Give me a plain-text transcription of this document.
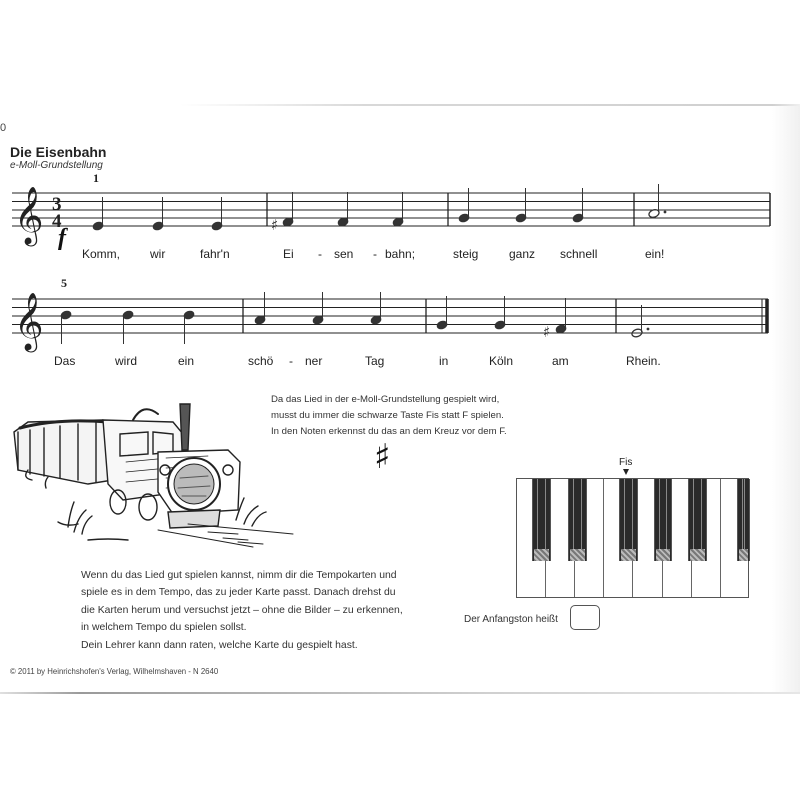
0
Die Eisenbahn
e-Moll-Grundstellung
1
𝄞 3
4	♯
f
Komm, wir	fahr'n	Ei - sen - bahn;	steig	ganz schnell	ein!
5
𝄞	♯
Das	wird	ein	schö - ner	Tag	in	Köln	am	Rhein.
Da das Lied in der e-Moll-Grundstellung gespielt wird,
musst du immer die schwarze Taste Fis statt F spielen.
In den Noten erkennst du das an dem Kreuz vor dem F.
♯	Fis
Der Anfangston heißt
Wenn du das Lied gut spielen kannst, nimm dir die Tempokarten und
spiele es in dem Tempo, das zu jeder Karte passt. Danach drehst du
die Karten herum und versuchst jetzt – ohne die Bilder – zu erkennen,
in welchem Tempo du spielen sollst.
Dein Lehrer kann dann raten, welche Karte du gespielt hast.
© 2011 by Heinrichshofen's Verlag, Wilhelmshaven - N 2640
